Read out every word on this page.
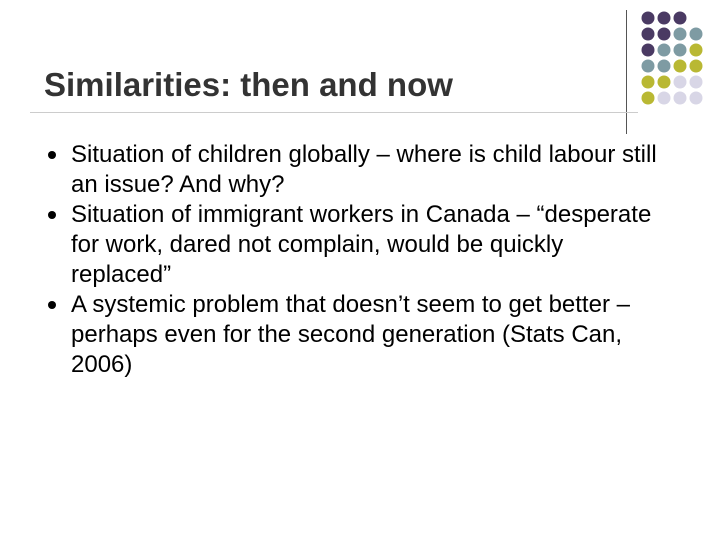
Similarities: then and now
Situation of children globally – where is child labour still an issue? And why?
Situation of immigrant workers in Canada – “desperate for work, dared not complain, would be quickly replaced”
A systemic problem that doesn’t seem to get better – perhaps even for the second generation (Stats Can, 2006)
